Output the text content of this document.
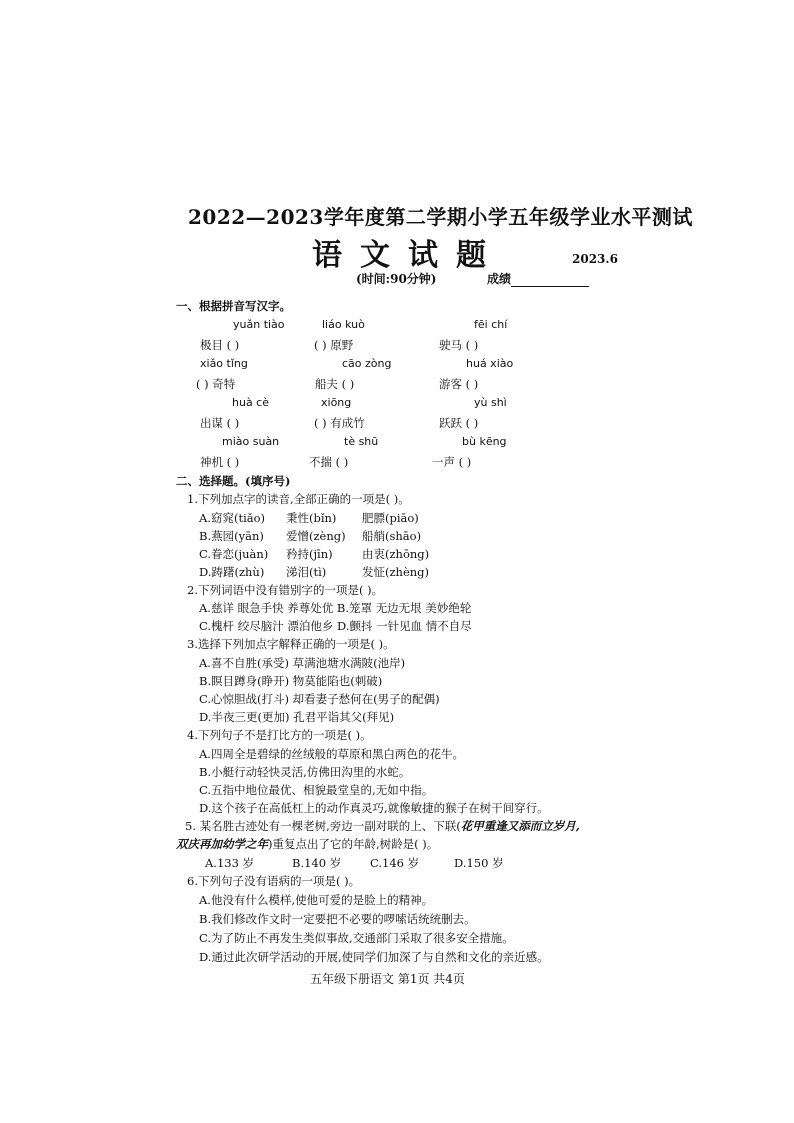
2022—2023学年度第二学期小学五年级学业水平测试
语文试题	2023.6
(时间:90分钟)	成绩
一、根据拼音写汉字。
yuǎn tiào	liáo kuò	fēi chí
极目 ( )	( ) 原野	驶马 ( )
xiǎo tǐng	cāo zòng	huá xiào
( ) 奇特	船夫 ( )	游客 ( )
huà cè	xiōng	yù shì
出谋 ( )	( ) 有成竹	跃跃 ( )
miào suàn	tè shū	bù kēng
神机 ( )	不揣 ( )	一声 ( )
二、选择题。(填序号)
1.下列加点字的读音,全部正确的一项是( )。
A.窈窕(tiǎo) 秉性(bǐn) 肥膘(piāo)
B.燕园(yān) 爱憎(zèng) 船艄(shāo)
C.眷恋(juàn) 矜持(jīn)	由衷(zhōng)
D.踌躇(zhù) 涕泪(tì)	发怔(zhèng)
2.下列词语中没有错别字的一项是( )。
A.慈详 眼急手快 养尊处优 B.笼罩 无边无垠 美妙绝轮
C.槐杆 绞尽脑汁 漂泊他乡 D.颤抖 一针见血 情不自尽
3.选择下列加点字解释正确的一项是( )。
A.喜不自胜(承受) 草满池塘水满陂(池岸)
B.瞑目蹲身(睁开) 物莫能陷也(刺破)
C.心惊胆战(打斗) 却看妻子愁何在(男子的配偶)
D.半夜三更(更加) 孔君平诣其父(拜见)
4.下列句子不是打比方的一项是( )。
A.四周全是碧绿的丝绒般的草原和黑白两色的花牛。
B.小艇行动轻快灵活,仿佛田沟里的水蛇。
C.五指中地位最优、相貌最堂皇的,无如中指。
D.这个孩子在高低杠上的动作真灵巧,就像敏捷的猴子在树干间穿行。
5. 某名胜古迹处有一棵老树,旁边一副对联的上、下联(花甲重逢又添而立岁月,
双庆再加幼学之年)重复点出了它的年龄,树龄是( )。
A.133 岁	B.140 岁	C.146 岁	D.150 岁
6.下列句子没有语病的一项是( )。
A.他没有什么模样,使他可爱的是脸上的精神。
B.我们修改作文时一定要把不必要的啰嗦话统统删去。
C.为了防止不再发生类似事故,交通部门采取了很多安全措施。
D.通过此次研学活动的开展,使同学们加深了与自然和文化的亲近感。
五年级下册语文 第1页 共4页
